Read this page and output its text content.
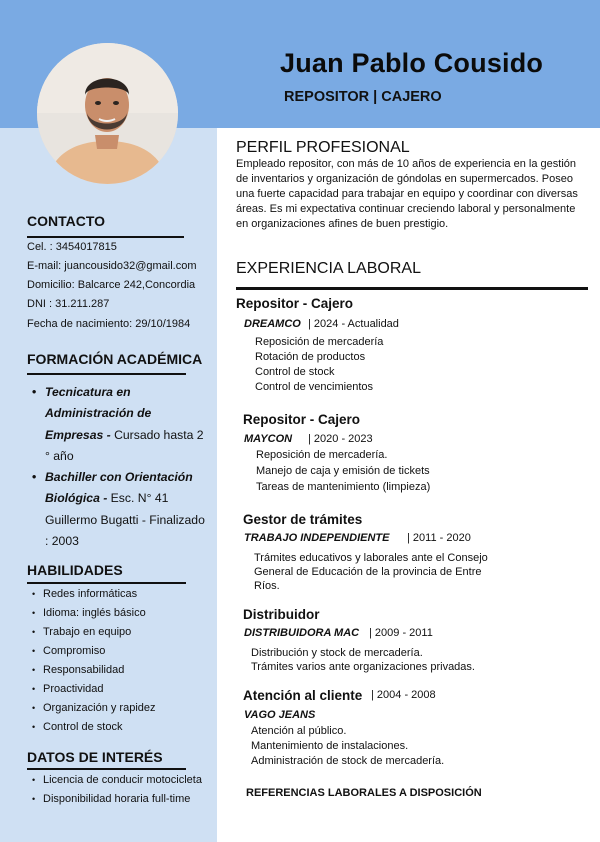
Juan Pablo Cousido
REPOSITOR | CAJERO
CONTACTO
Cel. : 3454017815
E-mail: juancousido32@gmail.com
Domicilio: Balcarce 242,Concordia
DNI : 31.211.287
Fecha de nacimiento: 29/10/1984
FORMACIÓN ACADÉMICA
• Tecnicatura en Administración de Empresas - Cursado hasta 2 ° año
• Bachiller con Orientación Biológica - Esc. N° 41 Guillermo Bugatti - Finalizado : 2003
HABILIDADES
• Redes informáticas
• Idioma: inglés básico
• Trabajo en equipo
• Compromiso
• Responsabilidad
• Proactividad
• Organización y rapidez
• Control de stock
DATOS DE INTERÉS
• Licencia de conducir motocicleta
• Disponibilidad horaria full-time
PERFIL PROFESIONAL
Empleado repositor, con más de 10 años de experiencia en la gestión de inventarios y organización de góndolas en supermercados. Poseo una fuerte capacidad para trabajar en equipo y coordinar con diversas áreas. Es mi expectativa continuar creciendo laboral y personalmente en organizaciones afines de buen prestigio.
EXPERIENCIA LABORAL
Repositor - Cajero
DREAMCO | 2024 - Actualidad
Reposición de mercadería
Rotación de productos
Control de stock
Control de vencimientos
Repositor - Cajero
MAYCON | 2020 - 2023
Reposición de mercadería.
Manejo de caja y emisión de tickets
Tareas de mantenimiento (limpieza)
Gestor de trámites
TRABAJO INDEPENDIENTE | 2011 - 2020
Trámites educativos y laborales ante el Consejo
General de Educación de la provincia de Entre
Ríos.
Distribuidor
DISTRIBUIDORA MAC | 2009 - 2011
Distribución y stock de mercadería.
Trámites varios ante organizaciones privadas.
Atención al cliente | 2004 - 2008
VAGO JEANS
Atención al público.
Mantenimiento de instalaciones.
Administración de stock de mercadería.
REFERENCIAS LABORALES A DISPOSICIÓN
